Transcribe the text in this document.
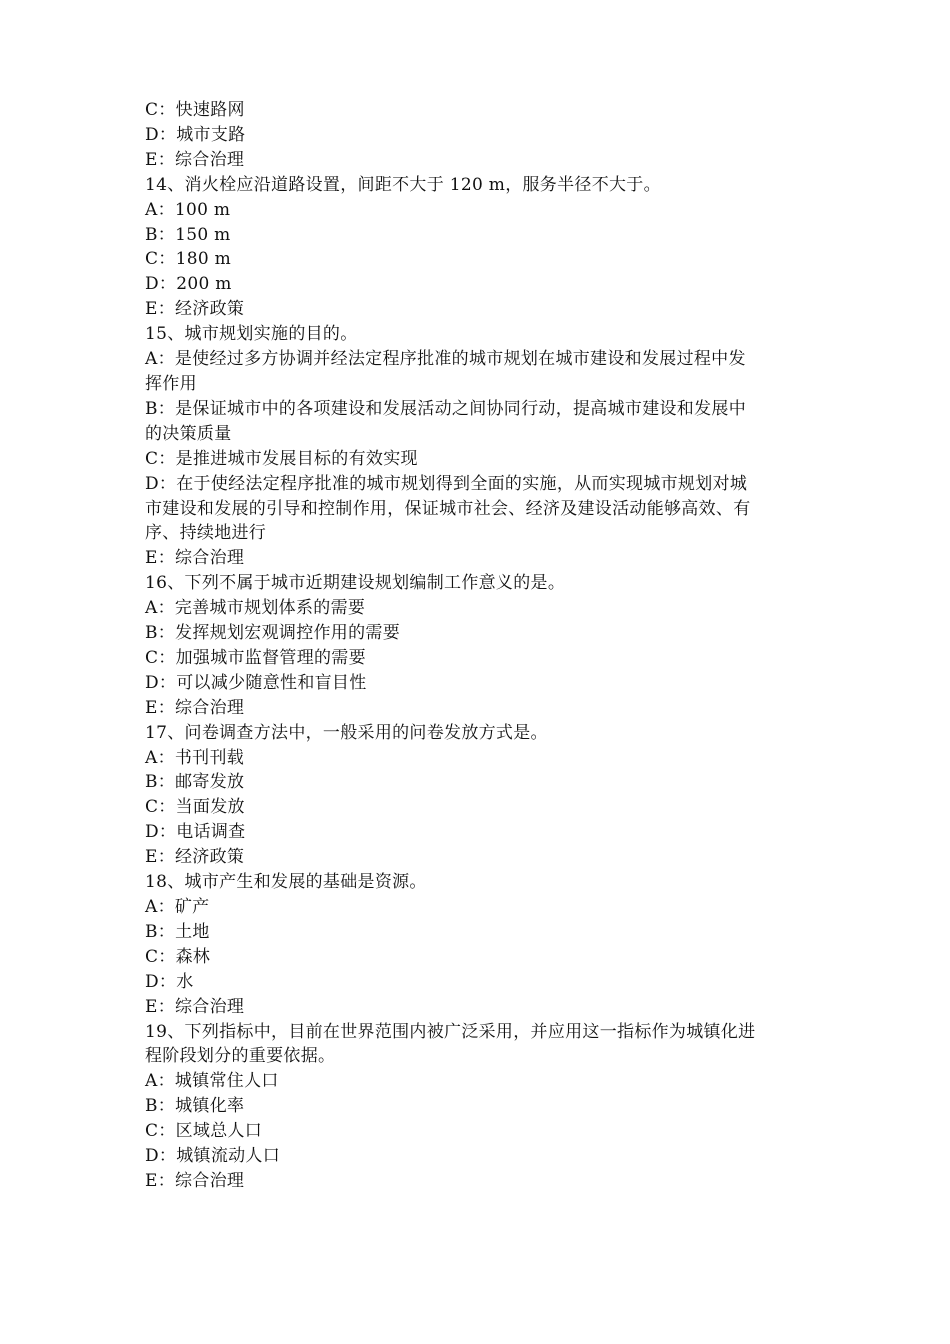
C：快速路网
D：城市支路
E：综合治理
14、消火栓应沿道路设置，间距不大于 120 m，服务半径不大于。
A：100 m
B：150 m
C：180 m
D：200 m
E：经济政策
15、城市规划实施的目的。
A：是使经过多方协调并经法定程序批准的城市规划在城市建设和发展过程中发
挥作用
B：是保证城市中的各项建设和发展活动之间协同行动，提高城市建设和发展中
的决策质量
C：是推进城市发展目标的有效实现
D：在于使经法定程序批准的城市规划得到全面的实施，从而实现城市规划对城
市建设和发展的引导和控制作用，保证城市社会、经济及建设活动能够高效、有
序、持续地进行
E：综合治理
16、下列不属于城市近期建设规划编制工作意义的是。
A：完善城市规划体系的需要
B：发挥规划宏观调控作用的需要
C：加强城市监督管理的需要
D：可以减少随意性和盲目性
E：综合治理
17、问卷调查方法中，一般采用的问卷发放方式是。
A：书刊刊载
B：邮寄发放
C：当面发放
D：电话调查
E：经济政策
18、城市产生和发展的基础是资源。
A：矿产
B：土地
C：森林
D：水
E：综合治理
19、下列指标中，目前在世界范围内被广泛采用，并应用这一指标作为城镇化进
程阶段划分的重要依据。
A：城镇常住人口
B：城镇化率
C：区域总人口
D：城镇流动人口
E：综合治理
